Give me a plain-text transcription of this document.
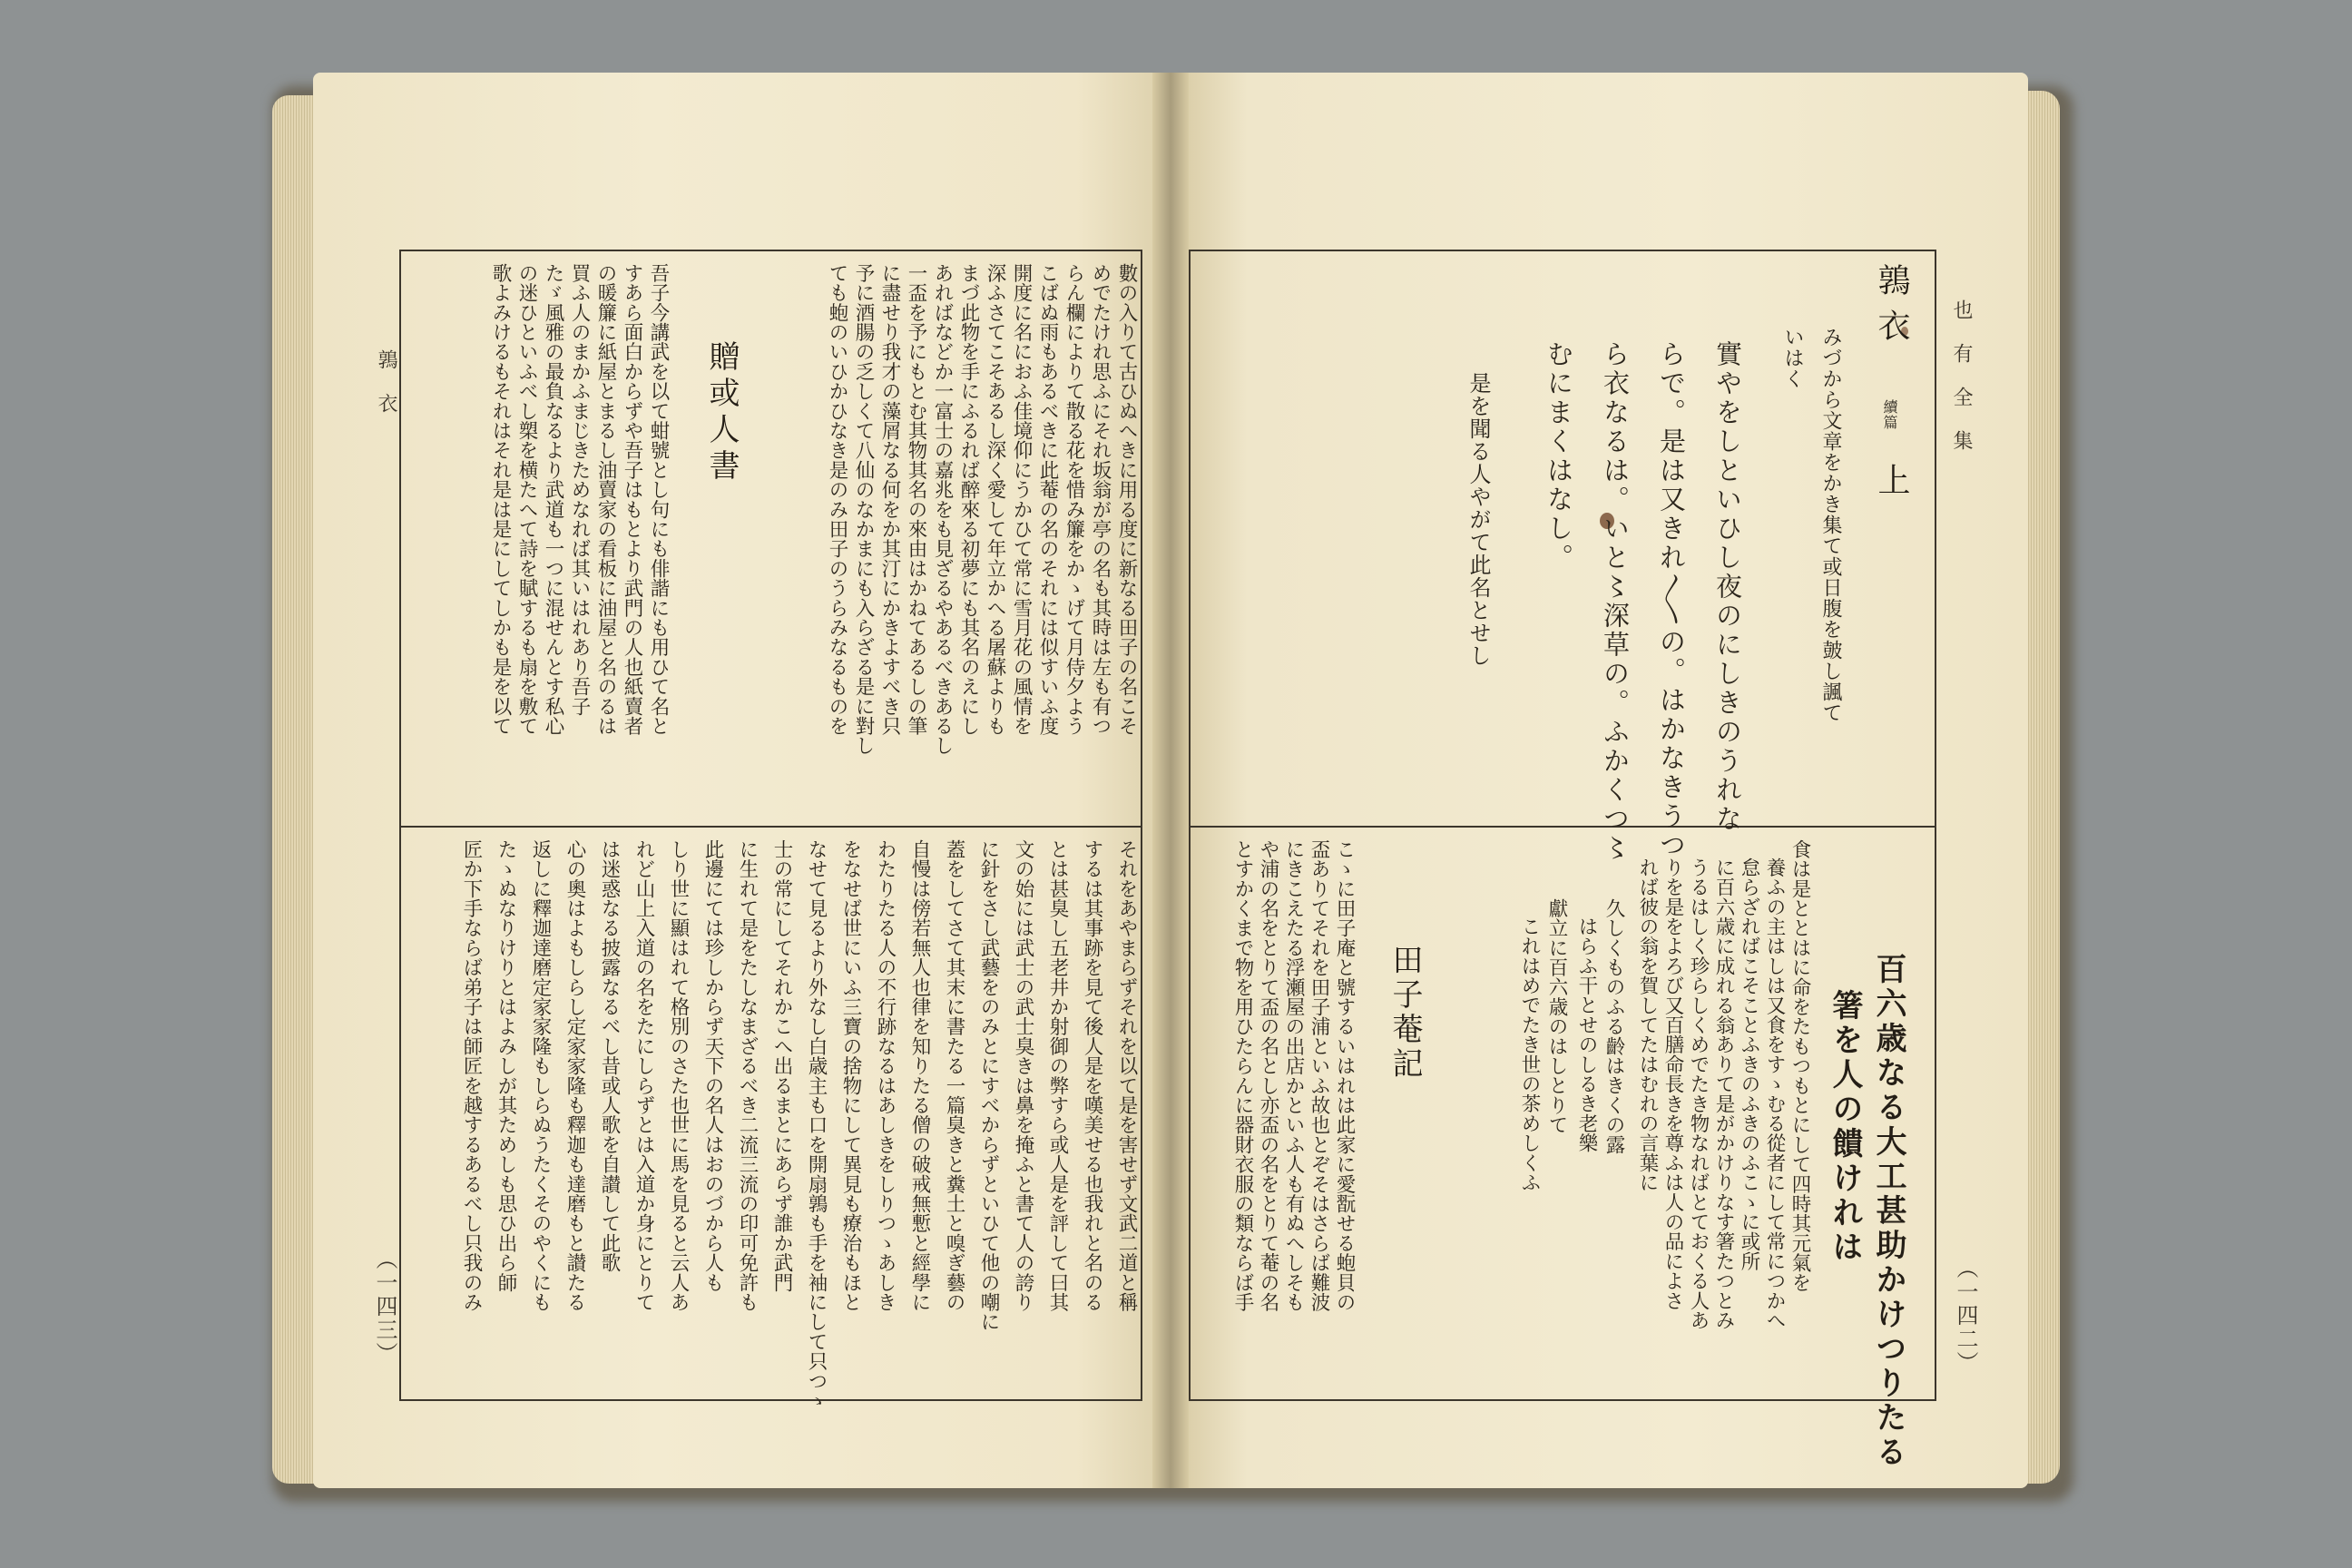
也有全集
（一四二）
鶉衣
續篇
上
みづから文章をかき集て或日腹を皷し諷て
いはく
實やをしといひし夜のにしきのうれな
らで。是は又きれ〳〵の。はかなきうつ
ら衣なるは。いと〻深草の。ふかくつ〻
むにまくはなし。
是を聞る人やがて此名とせし
百六歳なる大工甚助かけつりたる
箸を人の饋けれは
食は是ととはに命をたもつもとにして四時其元氣を
養ふの主はしは又食をすゝむる從者にして常につかへ
怠らざればこそことふきのふきのふこゝに或所
に百六歳に成れる翁ありて是がかけりなす箸たつとみ
うるはしく珍らしくめでたき物なればとておくる人あ
りを是をよろび又百膳命長きを尊ふは人の品によさ
れば彼の翁を賀してたはむれの言葉に
久しくものふる齡はきくの露
はらふ干とせのしるき老樂
獻立に百六歳のはしとりて
これはめでたき世の茶めしくふ
田子菴記
こゝに田子庵と號するいはれは此家に愛翫せる蚫貝の
盃ありてそれを田子浦といふ故也とぞそはさらば難波
にきこえたる浮瀬屋の出店かといふ人も有ぬへしそも
や浦の名をとりて盃の名とし亦盃の名をとりて菴の名
とすかくまで物を用ひたらんに器財衣服の類ならば手
鶉衣
（一四三）
數の入りて古ひぬへきに用る度に新なる田子の名こそ
めでたけれ思ふにそれ坂翁が亭の名も其時は左も有つ
らん欄によりて散る花を惜み簾をかゝげて月侍夕よう
こばぬ雨もあるべきに此菴の名のそれには似すいふ度
開度に名におふ佳境仰にうかひて常に雪月花の風情を
深ふさてこそあるし深く愛して年立かへる屠蘇よりも
まづ此物を手にふるれば醉來る初夢にも其名のえにし
あればなどか一富士の嘉兆をも見ざるやあるべきあるし
一盃を予にもとむ其物其名の來由はかねてあるしの筆
に盡せり我才の藻屑なる何をか其汀にかきよすべき只
予に酒腸の乏しくて八仙のなかまにも入らざる是に對し
ても蚫のいひかひなき是のみ田子のうらみなるものを
贈或人書
吾子今講武を以て蚶號とし句にも俳諧にも用ひて名と
すあら面白からずや吾子はもとより武門の人也紙賣者
の暖簾に紙屋とまるし油賣家の看板に油屋と名のるは
買ふ人のまかふまじきためなれば其いはれあり吾子
たゞ風雅の最負なるより武道も一つに混せんとす私心
の迷ひといふべし槊を横たへて詩を賦するも扇を敷て
歌よみけるもそれはそれ是は是にしてしかも是を以て
それをあやまらずそれを以て是を害せず文武二道と稱
するは其事跡を見て後人是を嘆美せる也我れと名のる
とは甚臭し五老井か射御の弊すら或人是を評して曰其
文の始には武士の武士臭きは鼻を掩ふと書て人の誇り
に針をさし武藝をのみとにすべからずといひて他の嘲に
蓋をしてさて其末に書たる一篇臭きと糞土と嗅ぎ藝の
自慢は傍若無人也律を知りたる僧の破戒無慙と經學に
わたりたる人の不行跡なるはあしきをしりつゝあしき
をなせば世にいふ三寶の捨物にして異見も療治もほと
なせて見るより外なし白歳主も口を開扇鶉も手を袖にして只つゝ
士の常にしてそれかこへ出るまとにあらず誰か武門
に生れて是をたしなまざるべき二流三流の印可免許も
此邊にては珍しからず天下の名人はおのづから人も
しり世に顯はれて格別のさた也世に馬を見ると云人あ
れど山上入道の名をたにしらずとは入道か身にとりて
は迷惑なる披露なるべし昔或人歌を自讃して此歌
心の奧はよもしらし定家家隆も釋迦も達磨もと讃たる
返しに釋迦達磨定家家隆もしらぬうたくそのやくにも
たゝぬなりけりとはよみしが其ためしも思ひ出ら師
匠か下手ならば弟子は師匠を越するあるべし只我のみ
